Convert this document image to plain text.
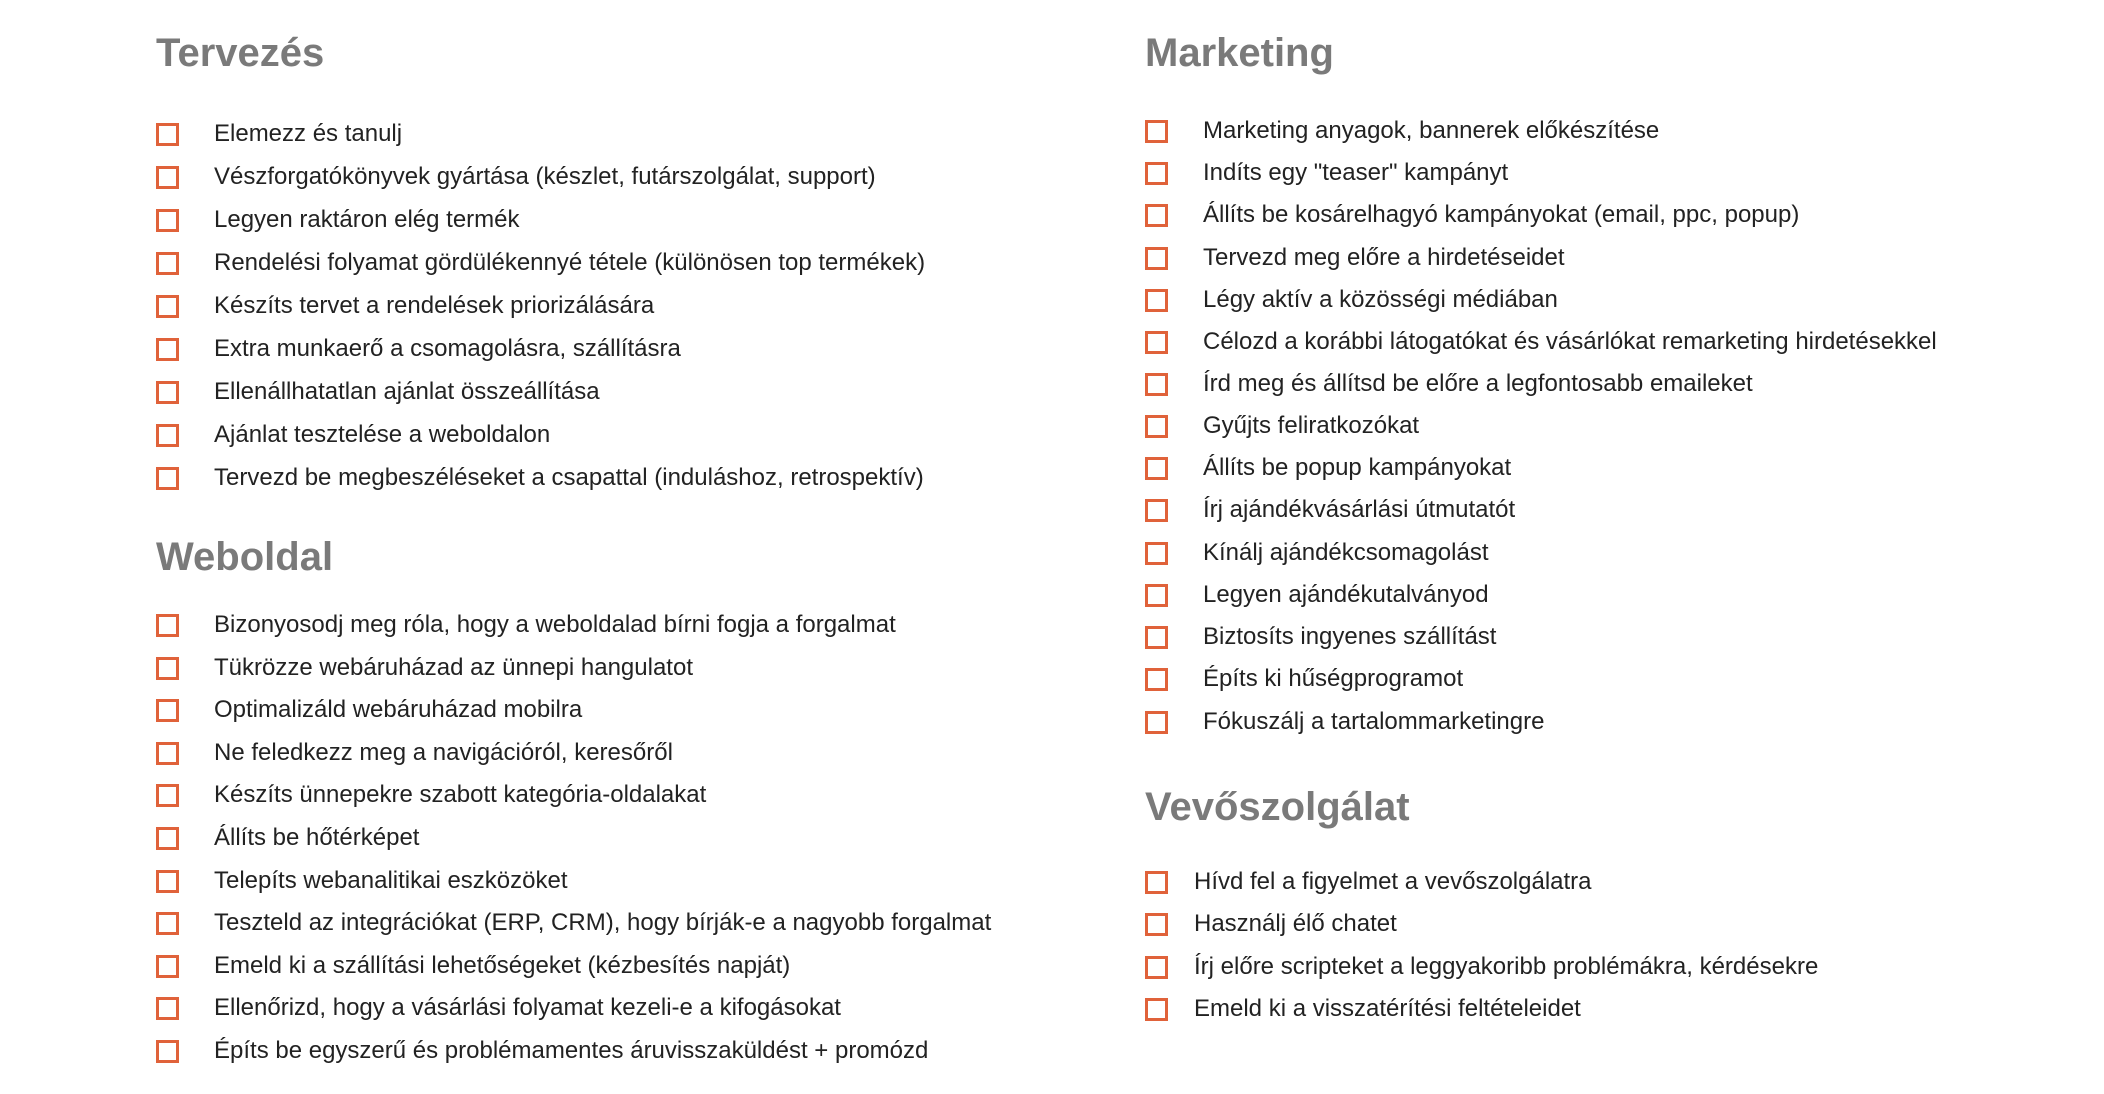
Tervezés
Elemezz és tanulj
Vészforgatókönyvek gyártása (készlet, futárszolgálat, support)
Legyen raktáron elég termék
Rendelési folyamat gördülékennyé tétele (különösen top termékek)
Készíts tervet a rendelések priorizálására
Extra munkaerő a csomagolásra, szállításra
Ellenállhatatlan ajánlat összeállítása
Ajánlat tesztelése a weboldalon
Tervezd be megbeszéléseket a csapattal (induláshoz, retrospektív)
Weboldal
Bizonyosodj meg róla, hogy a weboldalad bírni fogja a forgalmat
Tükrözze webáruházad az ünnepi hangulatot
Optimalizáld webáruházad mobilra
Ne feledkezz meg a navigációról, keresőről
Készíts ünnepekre szabott kategória-oldalakat
Állíts be hőtérképet
Telepíts webanalitikai eszközöket
Teszteld az integrációkat (ERP, CRM), hogy bírják-e a nagyobb forgalmat
Emeld ki a szállítási lehetőségeket (kézbesítés napját)
Ellenőrizd, hogy a vásárlási folyamat kezeli-e a kifogásokat
Építs be egyszerű és problémamentes áruvisszaküldést + promózd
Marketing
Marketing anyagok, bannerek előkészítése
Indíts egy "teaser" kampányt
Állíts be kosárelhagyó kampányokat (email, ppc, popup)
Tervezd meg előre a hirdetéseidet
Légy aktív a közösségi médiában
Célozd a korábbi látogatókat és vásárlókat remarketing hirdetésekkel
Írd meg és állítsd be előre a legfontosabb emaileket
Gyűjts feliratkozókat
Állíts be popup kampányokat
Írj ajándékvásárlási útmutatót
Kínálj ajándékcsomagolást
Legyen ajándékutalványod
Biztosíts ingyenes szállítást
Építs ki hűségprogramot
Fókuszálj a tartalommarketingre
Vevőszolgálat
Hívd fel a figyelmet a vevőszolgálatra
Használj élő chatet
Írj előre scripteket a leggyakoribb problémákra, kérdésekre
Emeld ki a visszatérítési feltételeidet
